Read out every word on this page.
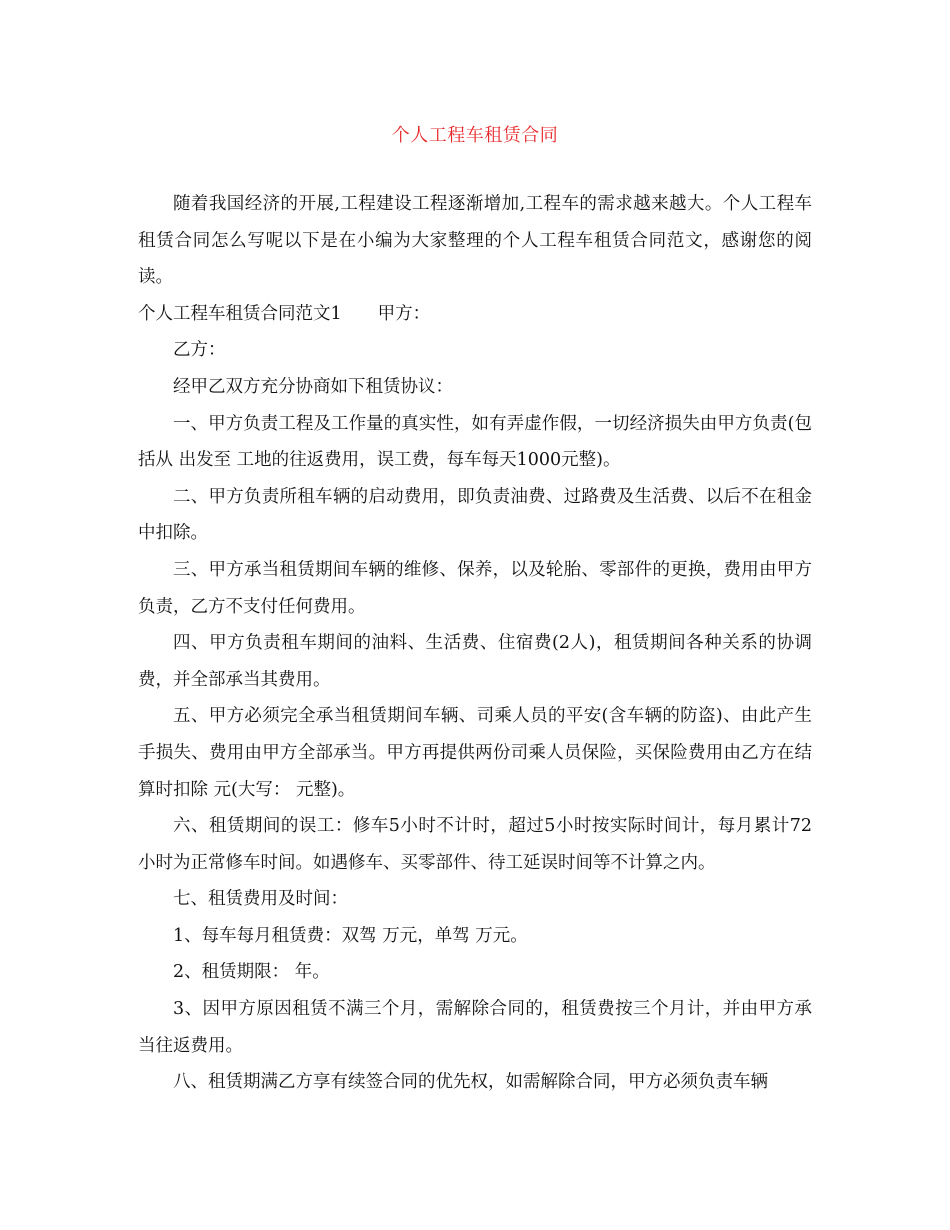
个人工程车租赁合同

随着我国经济的开展,工程建设工程逐渐增加,工程车的需求越来越大。个人工程车租赁合同怎么写呢以下是在小编为大家整理的个人工程车租赁合同范文，感谢您的阅读。

个人工程车租赁合同范文1 甲方：

乙方：

经甲乙双方充分协商如下租赁协议：

一、甲方负责工程及工作量的真实性，如有弄虚作假，一切经济损失由甲方负责(包括从 出发至 工地的往返费用，误工费，每车每天1000元整)。

二、甲方负责所租车辆的启动费用，即负责油费、过路费及生活费、以后不在租金中扣除。

三、甲方承当租赁期间车辆的维修、保养，以及轮胎、零部件的更换，费用由甲方负责，乙方不支付任何费用。

四、甲方负责租车期间的油料、生活费、住宿费(2人)，租赁期间各种关系的协调费，并全部承当其费用。

五、甲方必须完全承当租赁期间车辆、司乘人员的平安(含车辆的防盗)、由此产生手损失、费用由甲方全部承当。甲方再提供两份司乘人员保险，买保险费用由乙方在结算时扣除 元(大写： 元整)。

六、租赁期间的误工：修车5小时不计时，超过5小时按实际时间计，每月累计72小时为正常修车时间。如遇修车、买零部件、待工延误时间等不计算之内。

七、租赁费用及时间：

1、每车每月租赁费：双驾 万元，单驾 万元。

2、租赁期限： 年。

3、因甲方原因租赁不满三个月，需解除合同的，租赁费按三个月计，并由甲方承当往返费用。

八、租赁期满乙方享有续签合同的优先权，如需解除合同，甲方必须负责车辆
